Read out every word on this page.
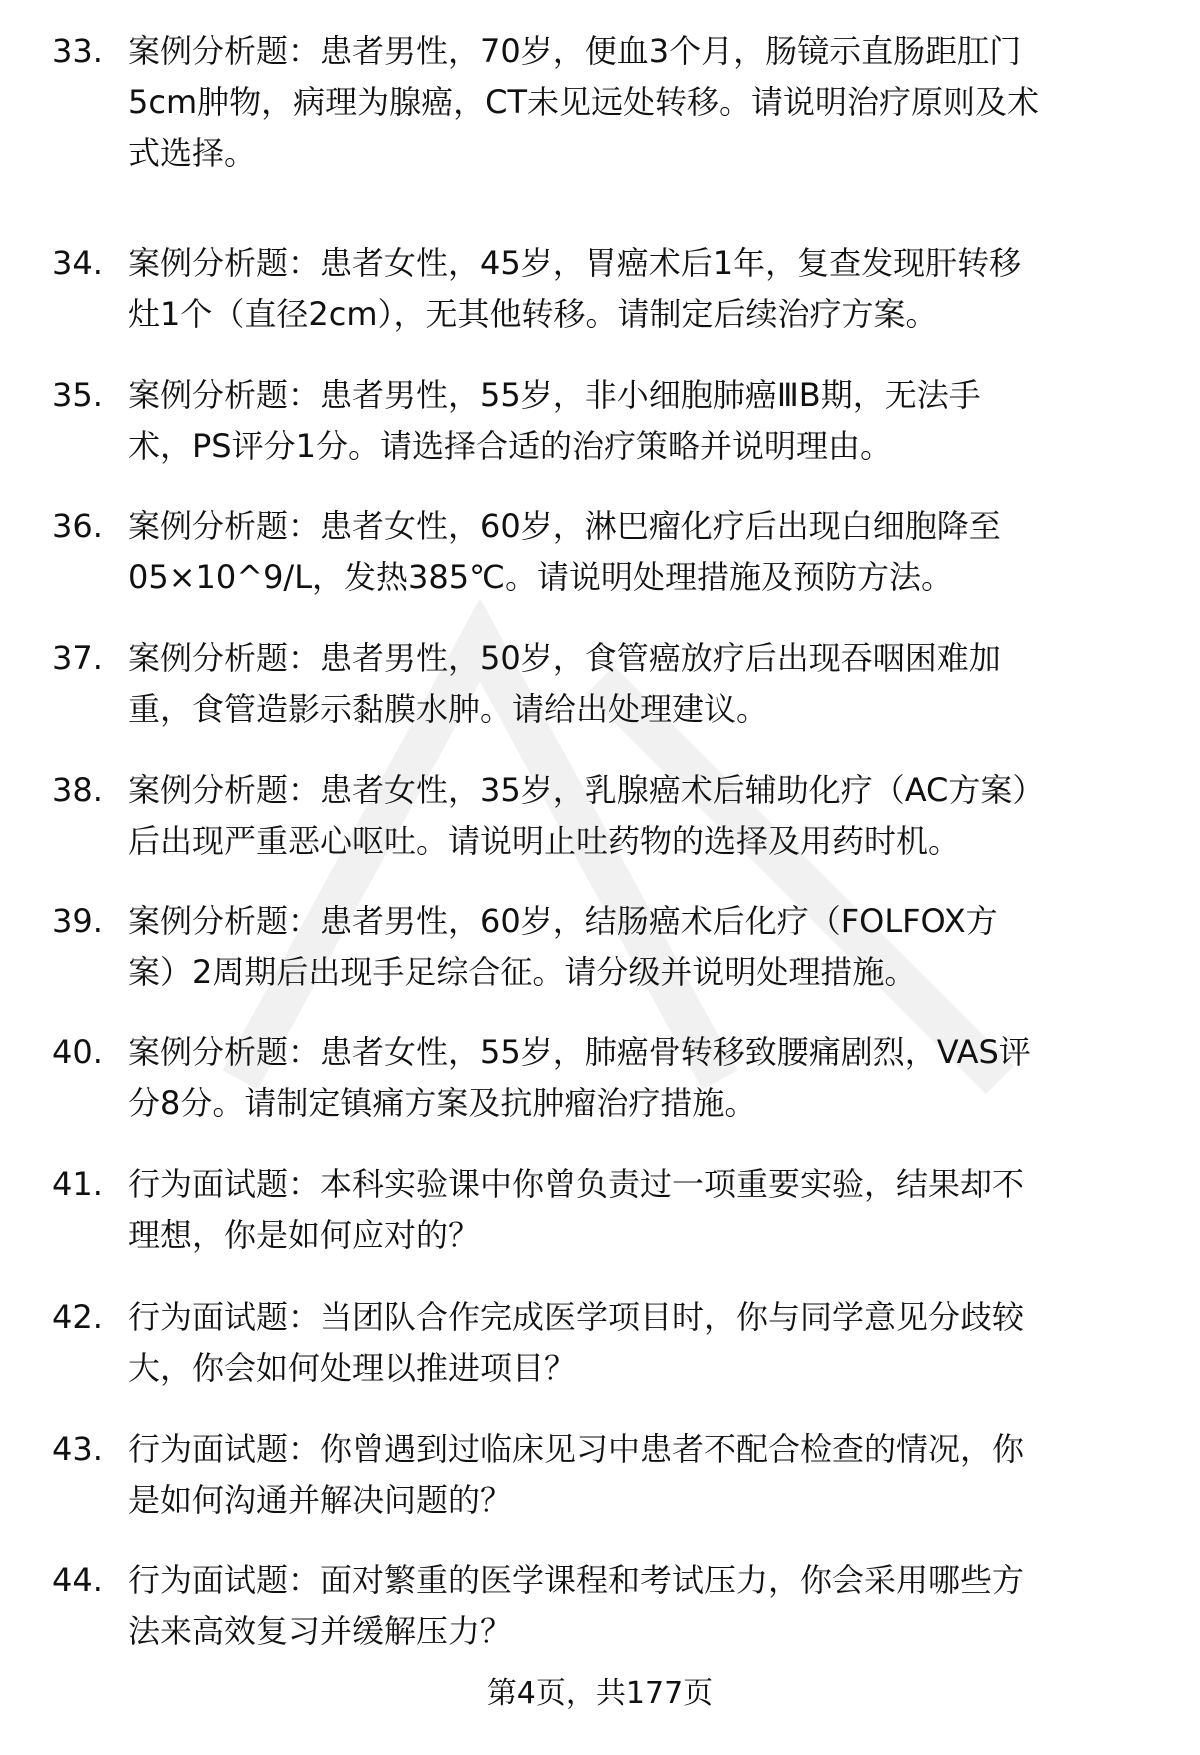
33. 案例分析题：患者男性，70岁，便血3个月，肠镜示直肠距肛门
5cm肿物，病理为腺癌，CT未见远处转移。请说明治疗原则及术
式选择。
34. 案例分析题：患者女性，45岁，胃癌术后1年，复查发现肝转移
灶1个（直径2cm），无其他转移。请制定后续治疗方案。
35. 案例分析题：患者男性，55岁，非小细胞肺癌ⅢB期，无法手
术，PS评分1分。请选择合适的治疗策略并说明理由。
36. 案例分析题：患者女性，60岁，淋巴瘤化疗后出现白细胞降至
05×10^9/L，发热385℃。请说明处理措施及预防方法。
37. 案例分析题：患者男性，50岁，食管癌放疗后出现吞咽困难加
重，食管造影示黏膜水肿。请给出处理建议。
38. 案例分析题：患者女性，35岁，乳腺癌术后辅助化疗（AC方案）
后出现严重恶心呕吐。请说明止吐药物的选择及用药时机。
39. 案例分析题：患者男性，60岁，结肠癌术后化疗（FOLFOX方
案）2周期后出现手足综合征。请分级并说明处理措施。
40. 案例分析题：患者女性，55岁，肺癌骨转移致腰痛剧烈，VAS评
分8分。请制定镇痛方案及抗肿瘤治疗措施。
41. 行为面试题：本科实验课中你曾负责过一项重要实验，结果却不
理想，你是如何应对的？
42. 行为面试题：当团队合作完成医学项目时，你与同学意见分歧较
大，你会如何处理以推进项目？
43. 行为面试题：你曾遇到过临床见习中患者不配合检查的情况，你
是如何沟通并解决问题的？
44. 行为面试题：面对繁重的医学课程和考试压力，你会采用哪些方
法来高效复习并缓解压力？
第4页，共177页
